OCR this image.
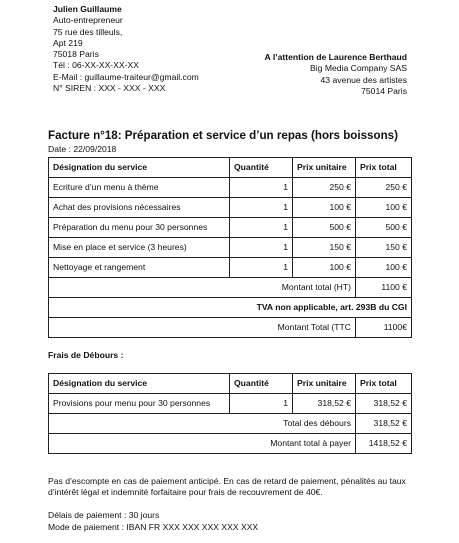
Julien Guillaume
Auto-entrepreneur
75 rue des tilleuls,
Apt 219
75018 Paris
Tél : 06-XX-XX-XX-XX
E-Mail : guillaume-traiteur@gmail.com
N° SIREN : XXX - XXX - XXX
A l’attention de Laurence Berthaud
Big Media Company SAS
43 avenue des artistes
75014 Paris
Facture n°18: Préparation et service d’un repas (hors boissons)
Date : 22/09/2018
Désignation du service	Quantité	Prix unitaire	Prix total
Ecriture d’un menu à thème	1	250 €	250 €
Achat des provisions nécessaires	1	100 €	100 €
Préparation du menu pour 30 personnes	1	500 €	500 €
Mise en place et service (3 heures)	1	150 €	150 €
Nettoyage et rangement	1	100 €	100 €
Montant total (HT)			1100 €
TVA non applicable, art. 293B du CGI			
Montant Total (TTC			1100€
Frais de Débours :
Désignation du service	Quantité	Prix unitaire	Prix total
Provisions pour menu pour 30 personnes	1	318,52 €	318,52 €
Total des débours			318,52 €
Montant total à payer			1418,52 €

Pas d’escompte en cas de paiement anticipé. En cas de retard de paiement, pénalités au taux d’intérêt légal et indemnité forfaitaire pour frais de recouvrement de 40€.

Délais de paiement : 30 jours

Mode de paiement : IBAN FR XXX XXX XXX XXX XXX
